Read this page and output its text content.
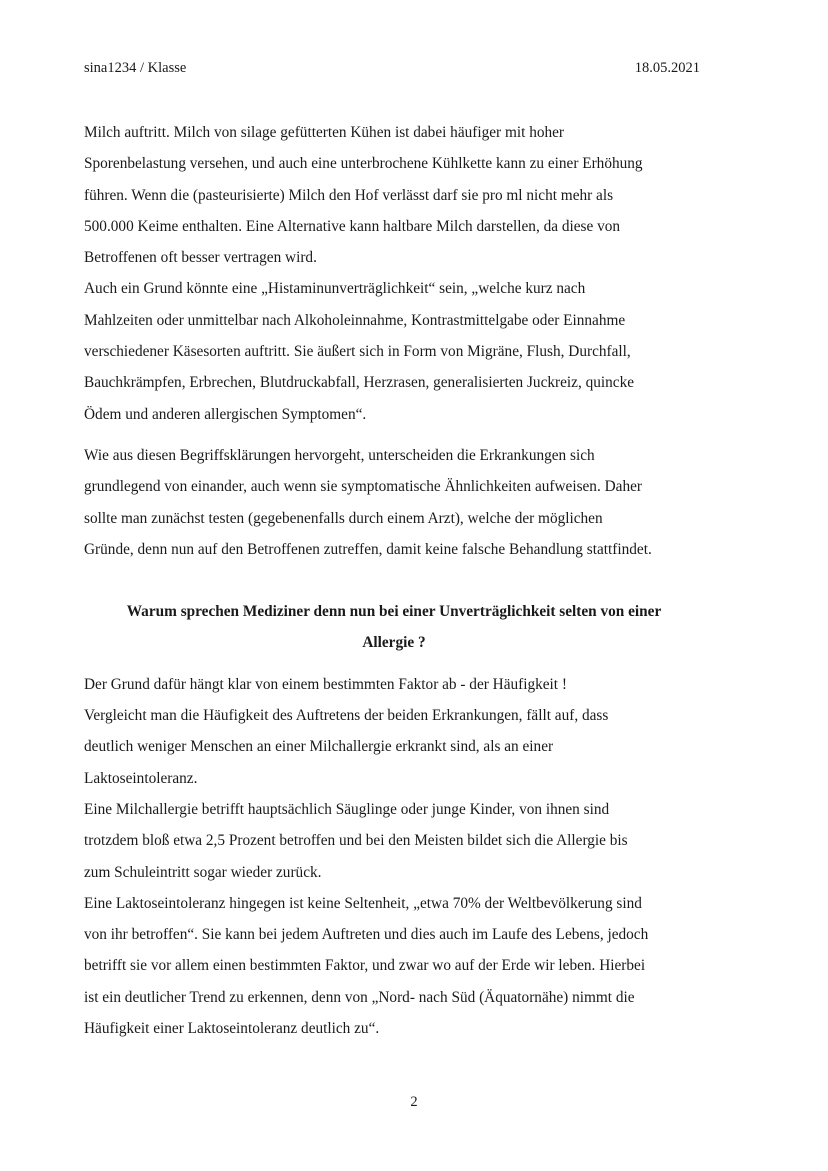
sina1234 / Klasse	18.05.2021
Milch auftritt. Milch von silage gefütterten Kühen ist dabei häufiger mit hoher
Sporenbelastung versehen, und auch eine unterbrochene Kühlkette kann zu einer Erhöhung
führen. Wenn die (pasteurisierte) Milch den Hof verlässt darf sie pro ml nicht mehr als
500.000 Keime enthalten. Eine Alternative kann haltbare Milch darstellen, da diese von
Betroffenen oft besser vertragen wird.
Auch ein Grund könnte eine „Histaminunverträglichkeit“ sein, „welche kurz nach
Mahlzeiten oder unmittelbar nach Alkoholeinnahme, Kontrastmittelgabe oder Einnahme
verschiedener Käsesorten auftritt. Sie äußert sich in Form von Migräne, Flush, Durchfall,
Bauchkrämpfen, Erbrechen, Blutdruckabfall, Herzrasen, generalisierten Juckreiz, quincke
Ödem und anderen allergischen Symptomen“.
Wie aus diesen Begriffsklärungen hervorgeht, unterscheiden die Erkrankungen sich
grundlegend von einander, auch wenn sie symptomatische Ähnlichkeiten aufweisen. Daher
sollte man zunächst testen (gegebenenfalls durch einem Arzt), welche der möglichen
Gründe, denn nun auf den Betroffenen zutreffen, damit keine falsche Behandlung stattfindet.
Warum sprechen Mediziner denn nun bei einer Unverträglichkeit selten von einer
Allergie ?
Der Grund dafür hängt klar von einem bestimmten Faktor ab - der Häufigkeit !
Vergleicht man die Häufigkeit des Auftretens der beiden Erkrankungen, fällt auf, dass
deutlich weniger Menschen an einer Milchallergie erkrankt sind, als an einer
Laktoseintoleranz.
Eine Milchallergie betrifft hauptsächlich Säuglinge oder junge Kinder, von ihnen sind
trotzdem bloß etwa 2,5 Prozent betroffen und bei den Meisten bildet sich die Allergie bis
zum Schuleintritt sogar wieder zurück.
Eine Laktoseintoleranz hingegen ist keine Seltenheit, „etwa 70% der Weltbevölkerung sind
von ihr betroffen“. Sie kann bei jedem Auftreten und dies auch im Laufe des Lebens, jedoch
betrifft sie vor allem einen bestimmten Faktor, und zwar wo auf der Erde wir leben. Hierbei
ist ein deutlicher Trend zu erkennen, denn von „Nord- nach Süd (Äquatornähe) nimmt die
Häufigkeit einer Laktoseintoleranz deutlich zu“.
2
